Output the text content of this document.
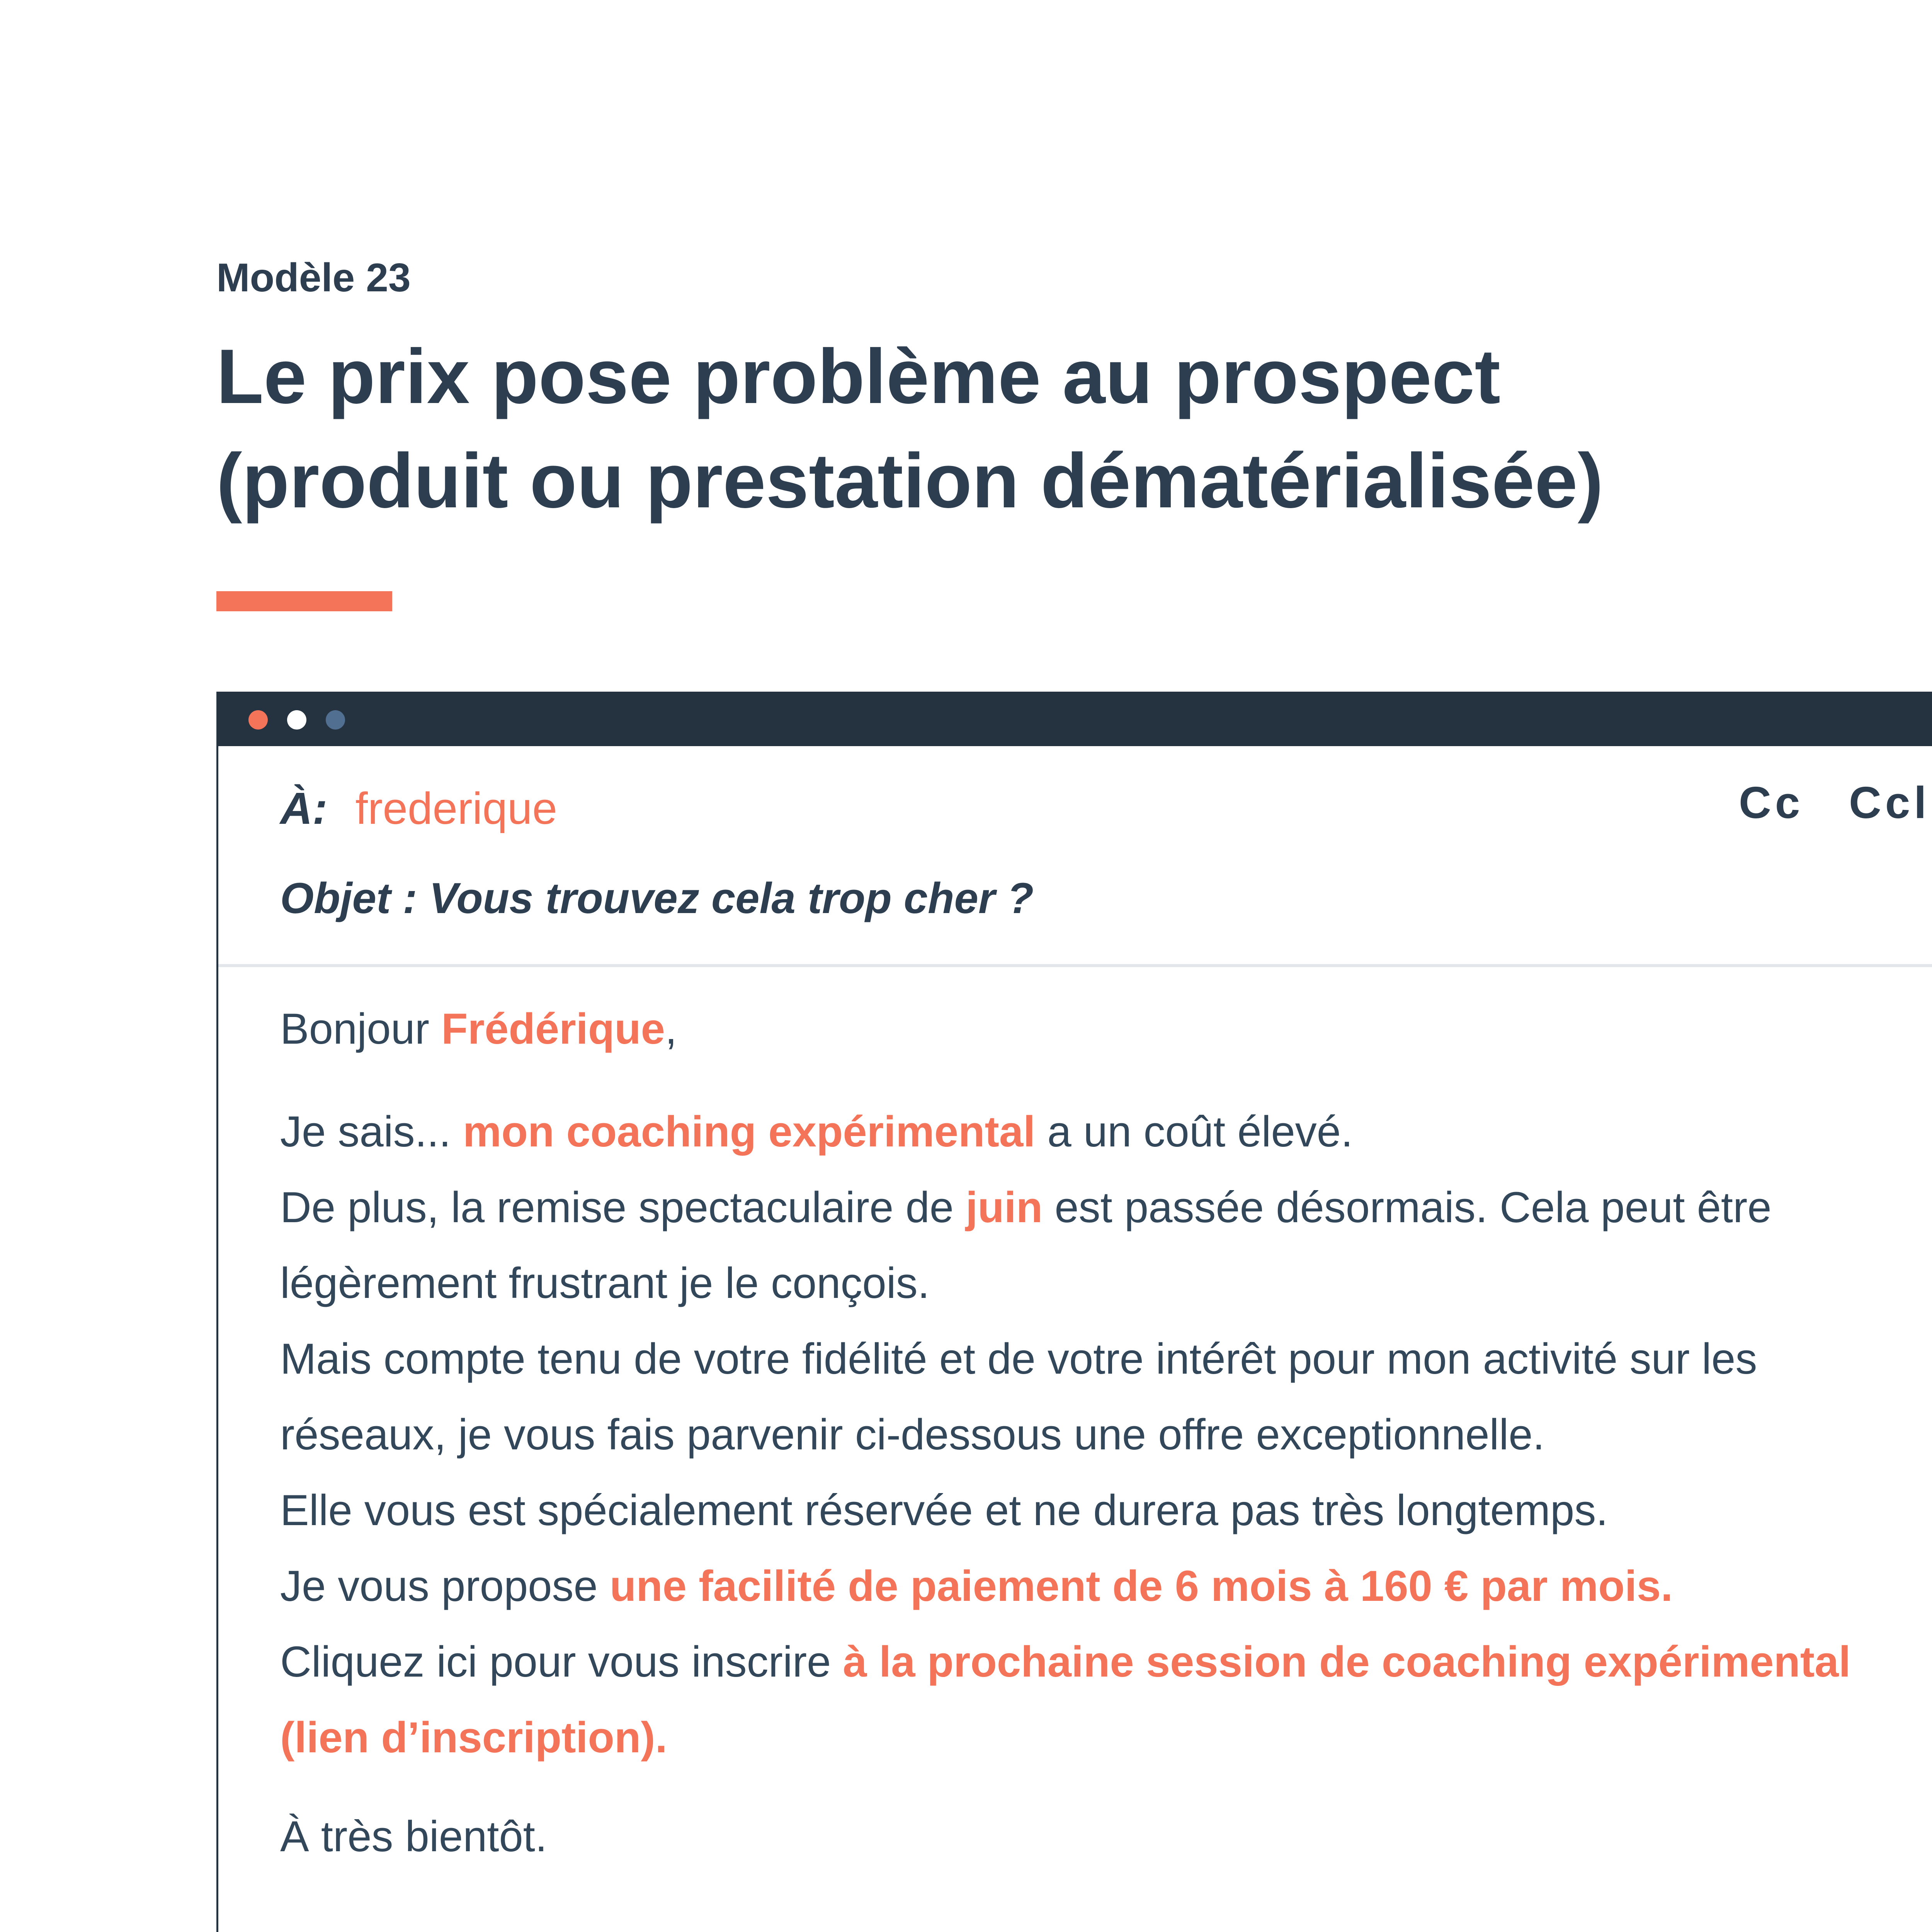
Modèle 23
Le prix pose problème au prospect
(produit ou prestation dématérialisée)
À: frederique	Cc Ccl
Objet : Vous trouvez cela trop cher ?

Bonjour Frédérique,

Je sais... mon coaching expérimental a un coût élevé.

De plus, la remise spectaculaire de juin est passée désormais. Cela peut être légèrement frustrant je le conçois.

Mais compte tenu de votre fidélité et de votre intérêt pour mon activité sur les réseaux, je vous fais parvenir ci-dessous une offre exceptionnelle.

Elle vous est spécialement réservée et ne durera pas très longtemps.

Je vous propose une facilité de paiement de 6 mois à 160 € par mois.

Cliquez ici pour vous inscrire à la prochaine session de coaching expérimental (lien d’inscription).

À très bientôt.
